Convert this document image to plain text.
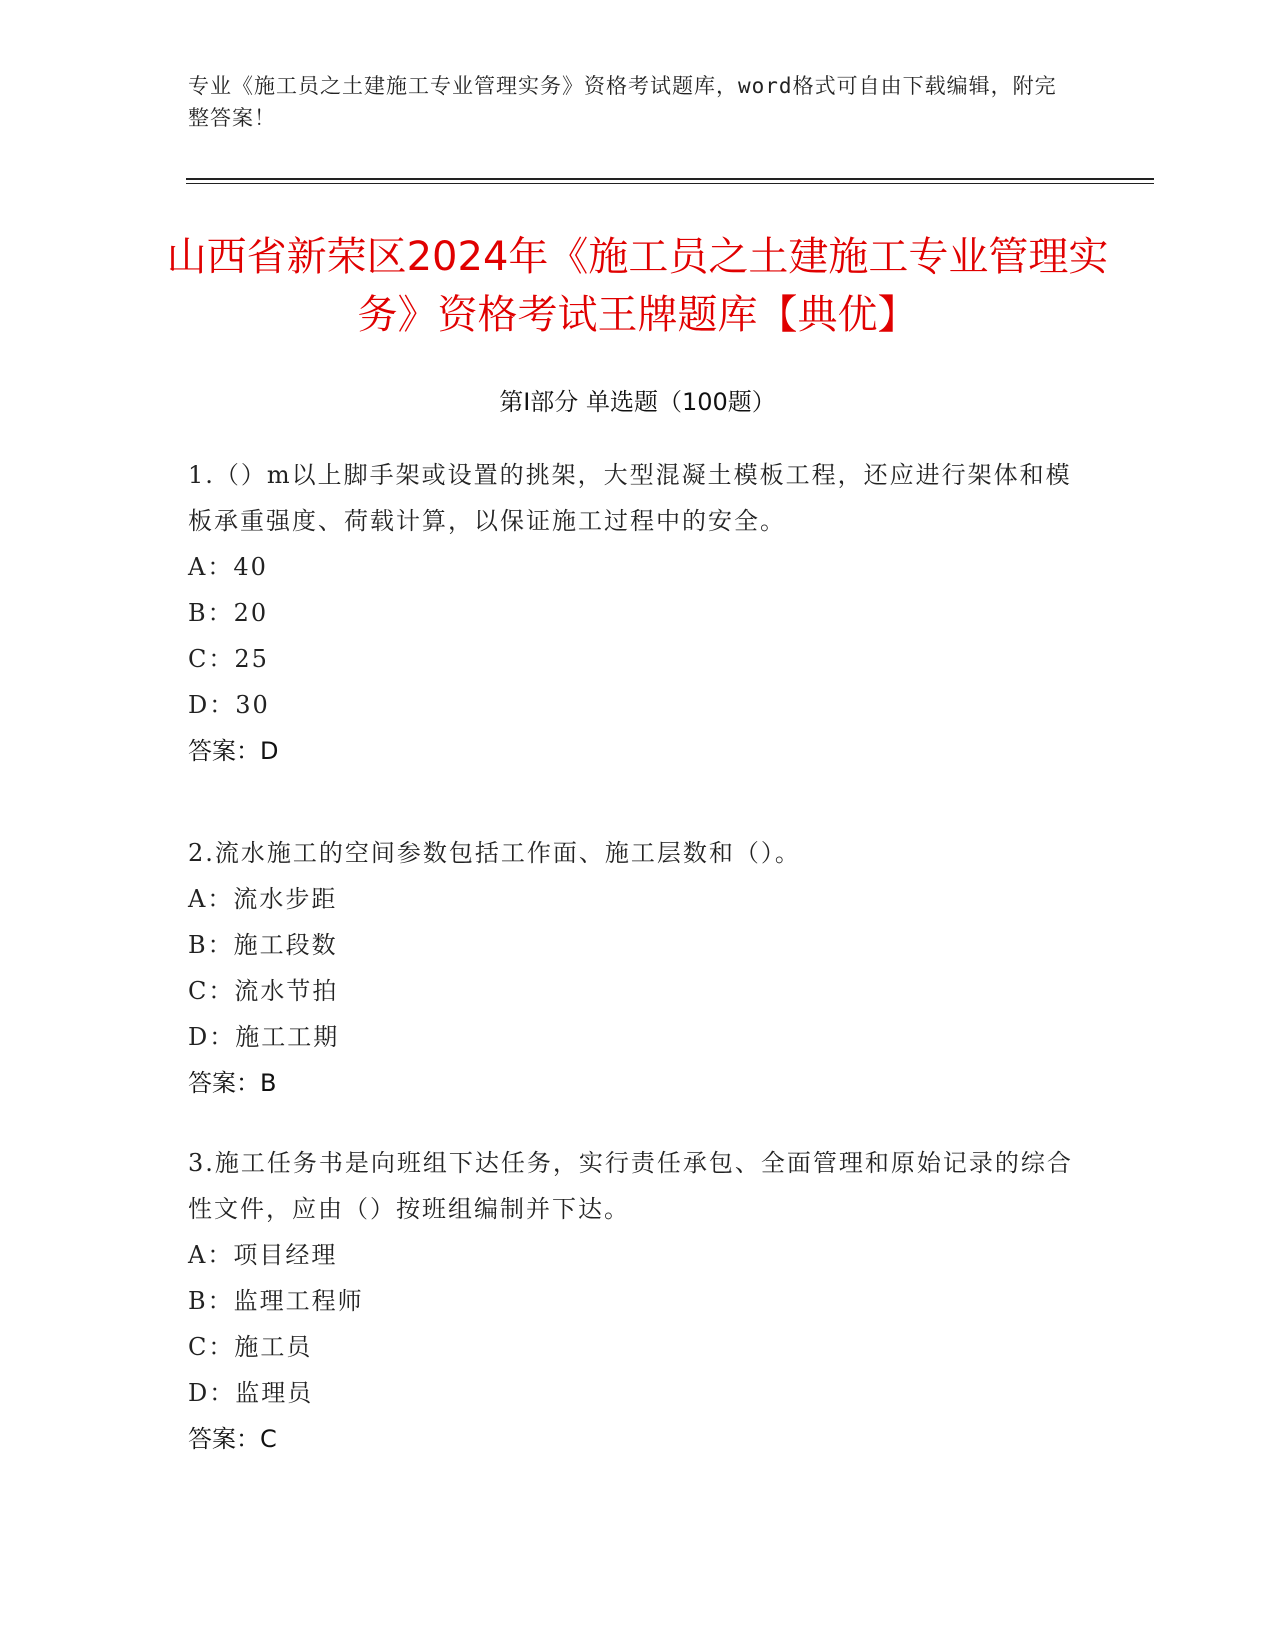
专业《施工员之土建施工专业管理实务》资格考试题库，word格式可自由下载编辑，附完整答案！
山西省新荣区2024年《施工员之土建施工专业管理实务》资格考试王牌题库【典优】
第Ⅰ部分 单选题（100题）

1.（）m以上脚手架或设置的挑架，大型混凝土模板工程，还应进行架体和模板承重强度、荷载计算，以保证施工过程中的安全。

A：40

B：20

C：25

D：30

答案：D

2.流水施工的空间参数包括工作面、施工层数和（）。

A：流水步距

B：施工段数

C：流水节拍

D：施工工期

答案：B

3.施工任务书是向班组下达任务，实行责任承包、全面管理和原始记录的综合性文件，应由（）按班组编制并下达。

A：项目经理

B：监理工程师

C：施工员

D：监理员

答案：C
